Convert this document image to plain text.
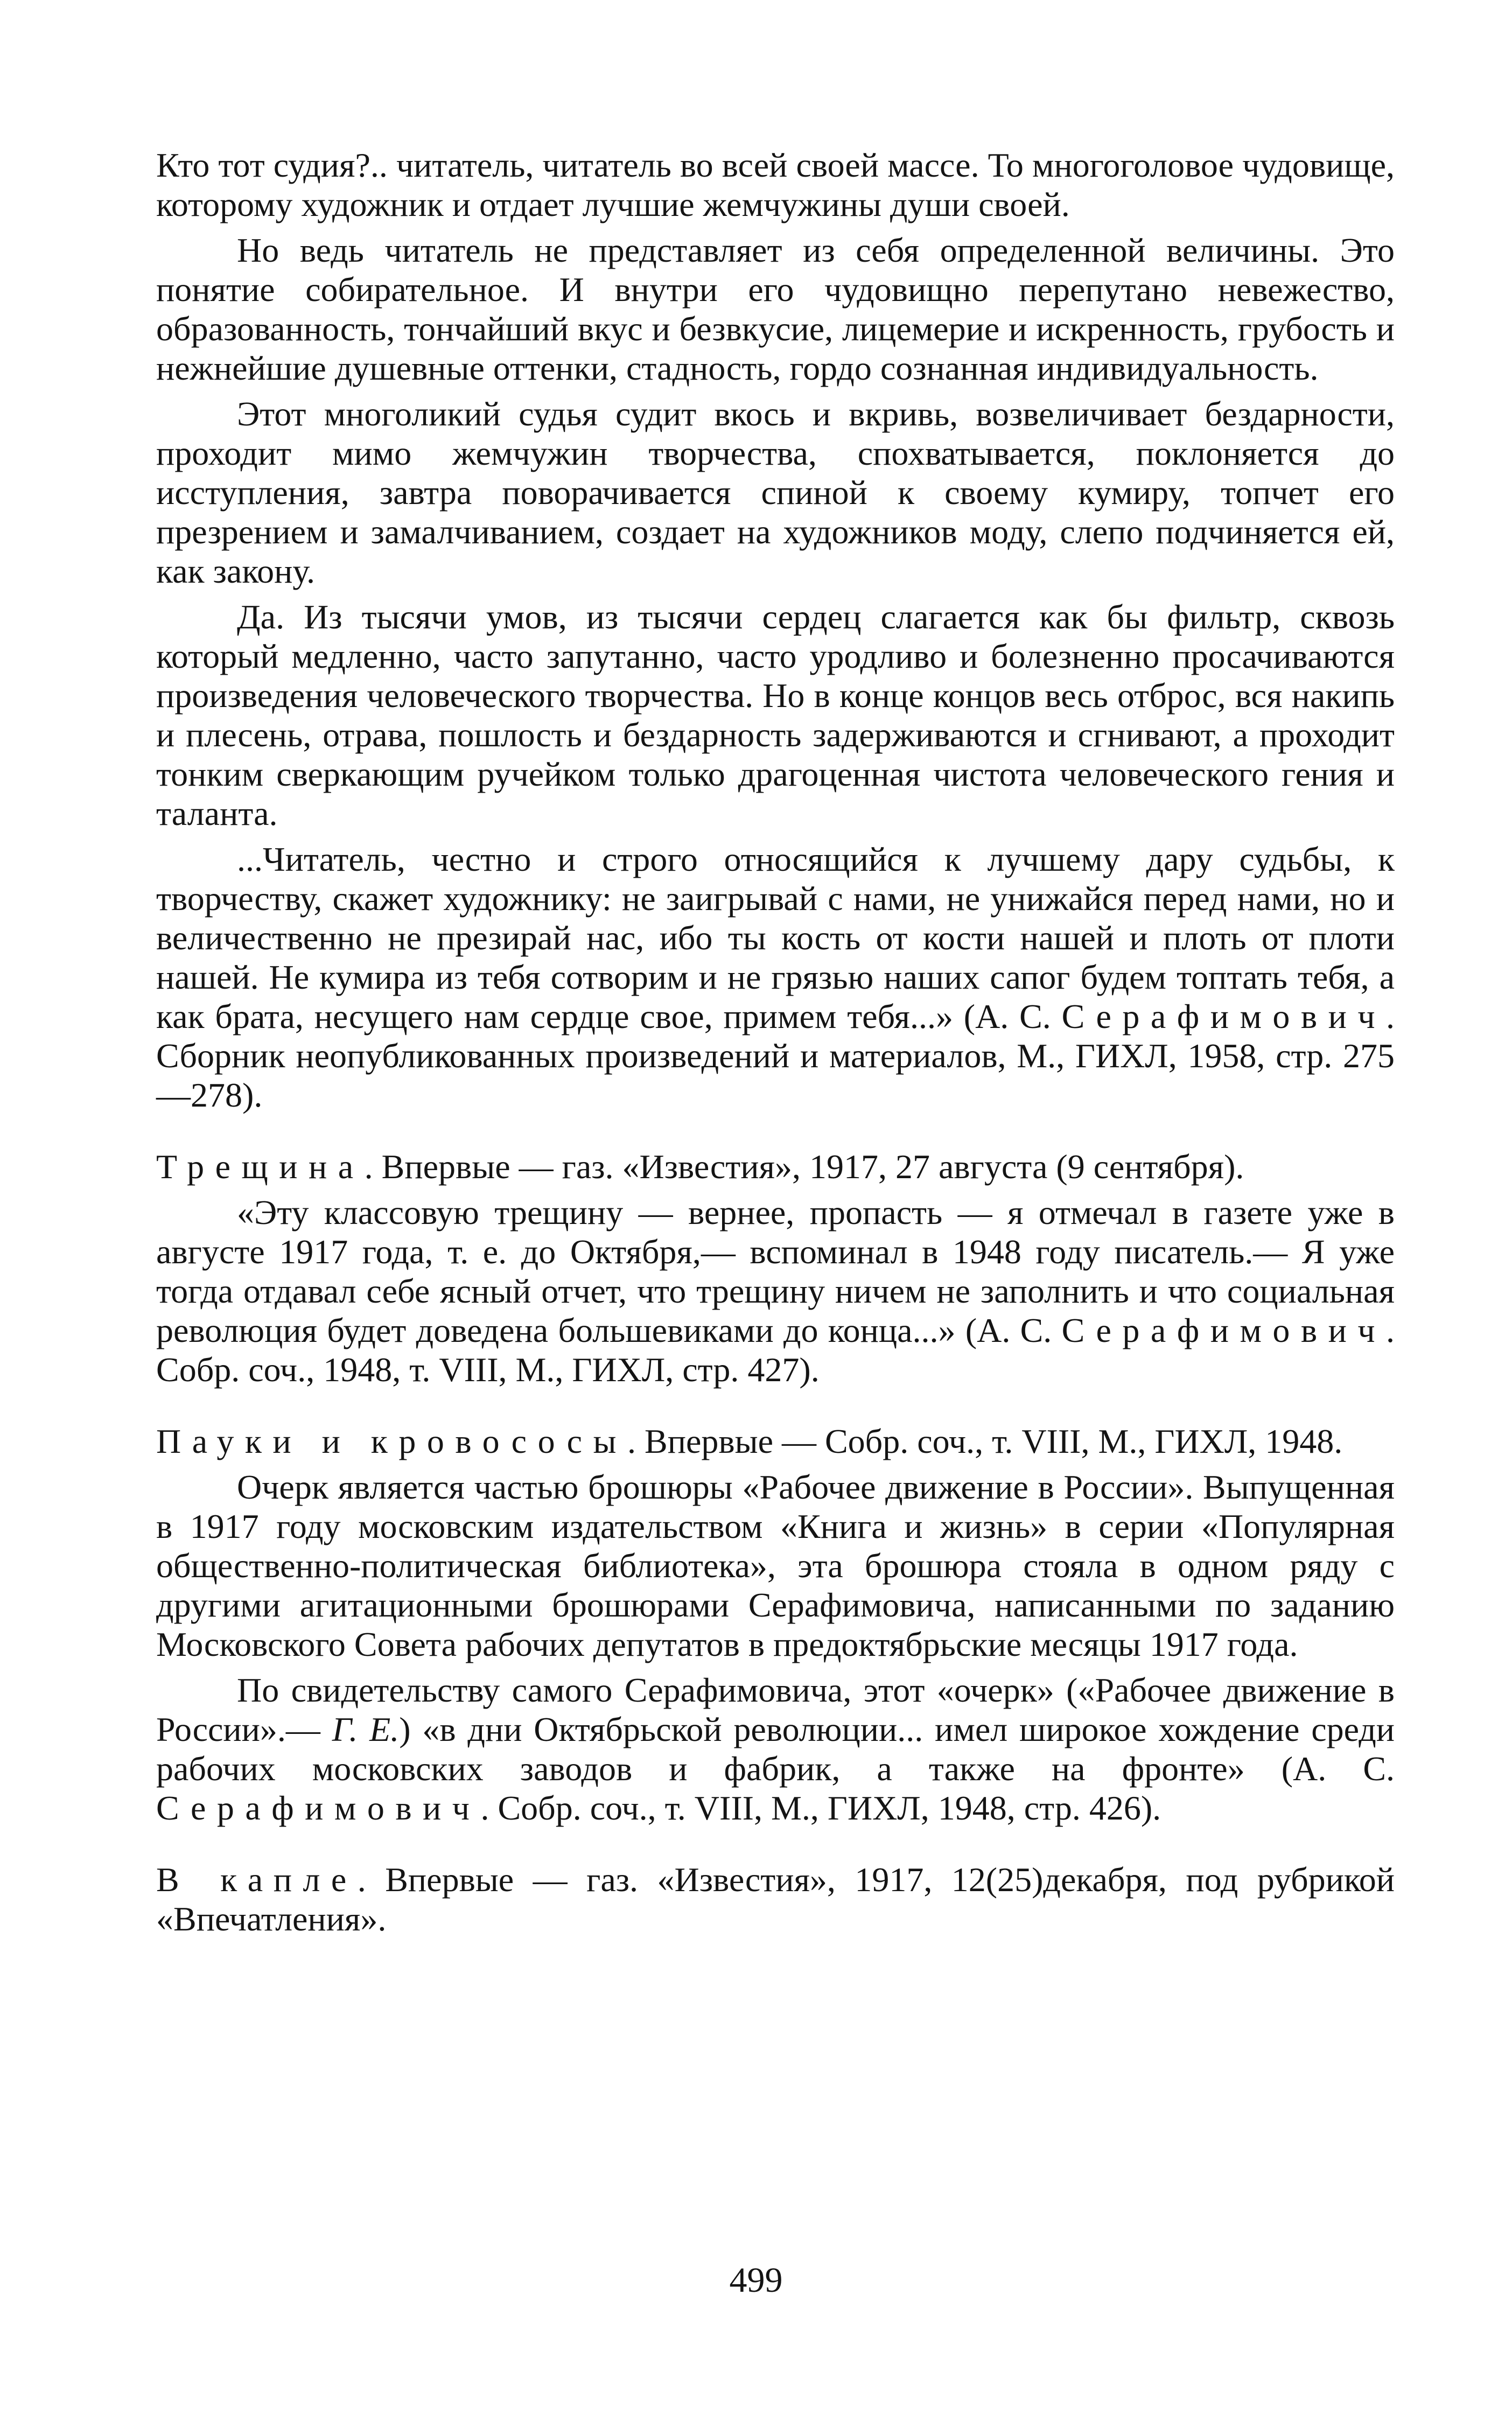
Кто тот судия?.. читатель, читатель во всей своей массе. То многоголовое чудовище, которому художник и отдает лучшие жемчужины души своей.

Но ведь читатель не представляет из себя определенной величины. Это понятие собирательное. И внутри его чудовищно перепутано невежество, образованность, тончайший вкус и безвкусие, лицемерие и искренность, грубость и нежнейшие душевные оттенки, стадность, гордо сознанная индивидуальность.

Этот многоликий судья судит вкось и вкривь, возвеличивает бездарности, проходит мимо жемчужин творчества, спохватывается, поклоняется до исступления, завтра поворачивается спиной к своему кумиру, топчет его презрением и замалчиванием, создает на художников моду, слепо подчиняется ей, как закону.

Да. Из тысячи умов, из тысячи сердец слагается как бы фильтр, сквозь который медленно, часто запутанно, часто уродливо и болезненно просачиваются произведения человеческого творчества. Но в конце концов весь отброс, вся накипь и плесень, отрава, пошлость и бездарность задерживаются и сгнивают, а проходит тонким сверкающим ручейком только драгоценная чистота человеческого гения и таланта.

...Читатель, честно и строго относящийся к лучшему дару судьбы, к творчеству, скажет художнику: не заигрывай с нами, не унижайся перед нами, но и величественно не презирай нас, ибо ты кость от кости нашей и плоть от плоти нашей. Не кумира из тебя сотворим и не грязью наших сапог будем топтать тебя, а как брата, несущего нам сердце свое, примем тебя...» (А. С. Серафимович. Сборник неопубликованных произведений и материалов, М., ГИХЛ, 1958, стр. 275—278).

Трещина. Впервые — газ. «Известия», 1917, 27 августа (9 сентября).

«Эту классовую трещину — вернее, пропасть — я отмечал в газете уже в августе 1917 года, т. е. до Октября,— вспоминал в 1948 году писатель.— Я уже тогда отдавал себе ясный отчет, что трещину ничем не заполнить и что социальная революция будет доведена большевиками до конца...» (А. С. Серафимович. Собр. соч., 1948, т. VIII, М., ГИХЛ, стр. 427).

Пауки и кровососы. Впервые — Собр. соч., т. VIII, М., ГИХЛ, 1948.

Очерк является частью брошюры «Рабочее движение в России». Выпущенная в 1917 году московским издательством «Книга и жизнь» в серии «Популярная общественно-политическая библиотека», эта брошюра стояла в одном ряду с другими агитационными брошюрами Серафимовича, написанными по заданию Московского Совета рабочих депутатов в предоктябрьские месяцы 1917 года.

По свидетельству самого Серафимовича, этот «очерк» («Рабочее движение в России».— Г. Е.) «в дни Октябрьской революции... имел широкое хождение среди рабочих московских заводов и фабрик, а также на фронте» (А. С. Серафимович. Собр. соч., т. VIII, М., ГИХЛ, 1948, стр. 426).

В капле. Впервые — газ. «Известия», 1917, 12(25)декабря, под рубрикой «Впечатления».

499
